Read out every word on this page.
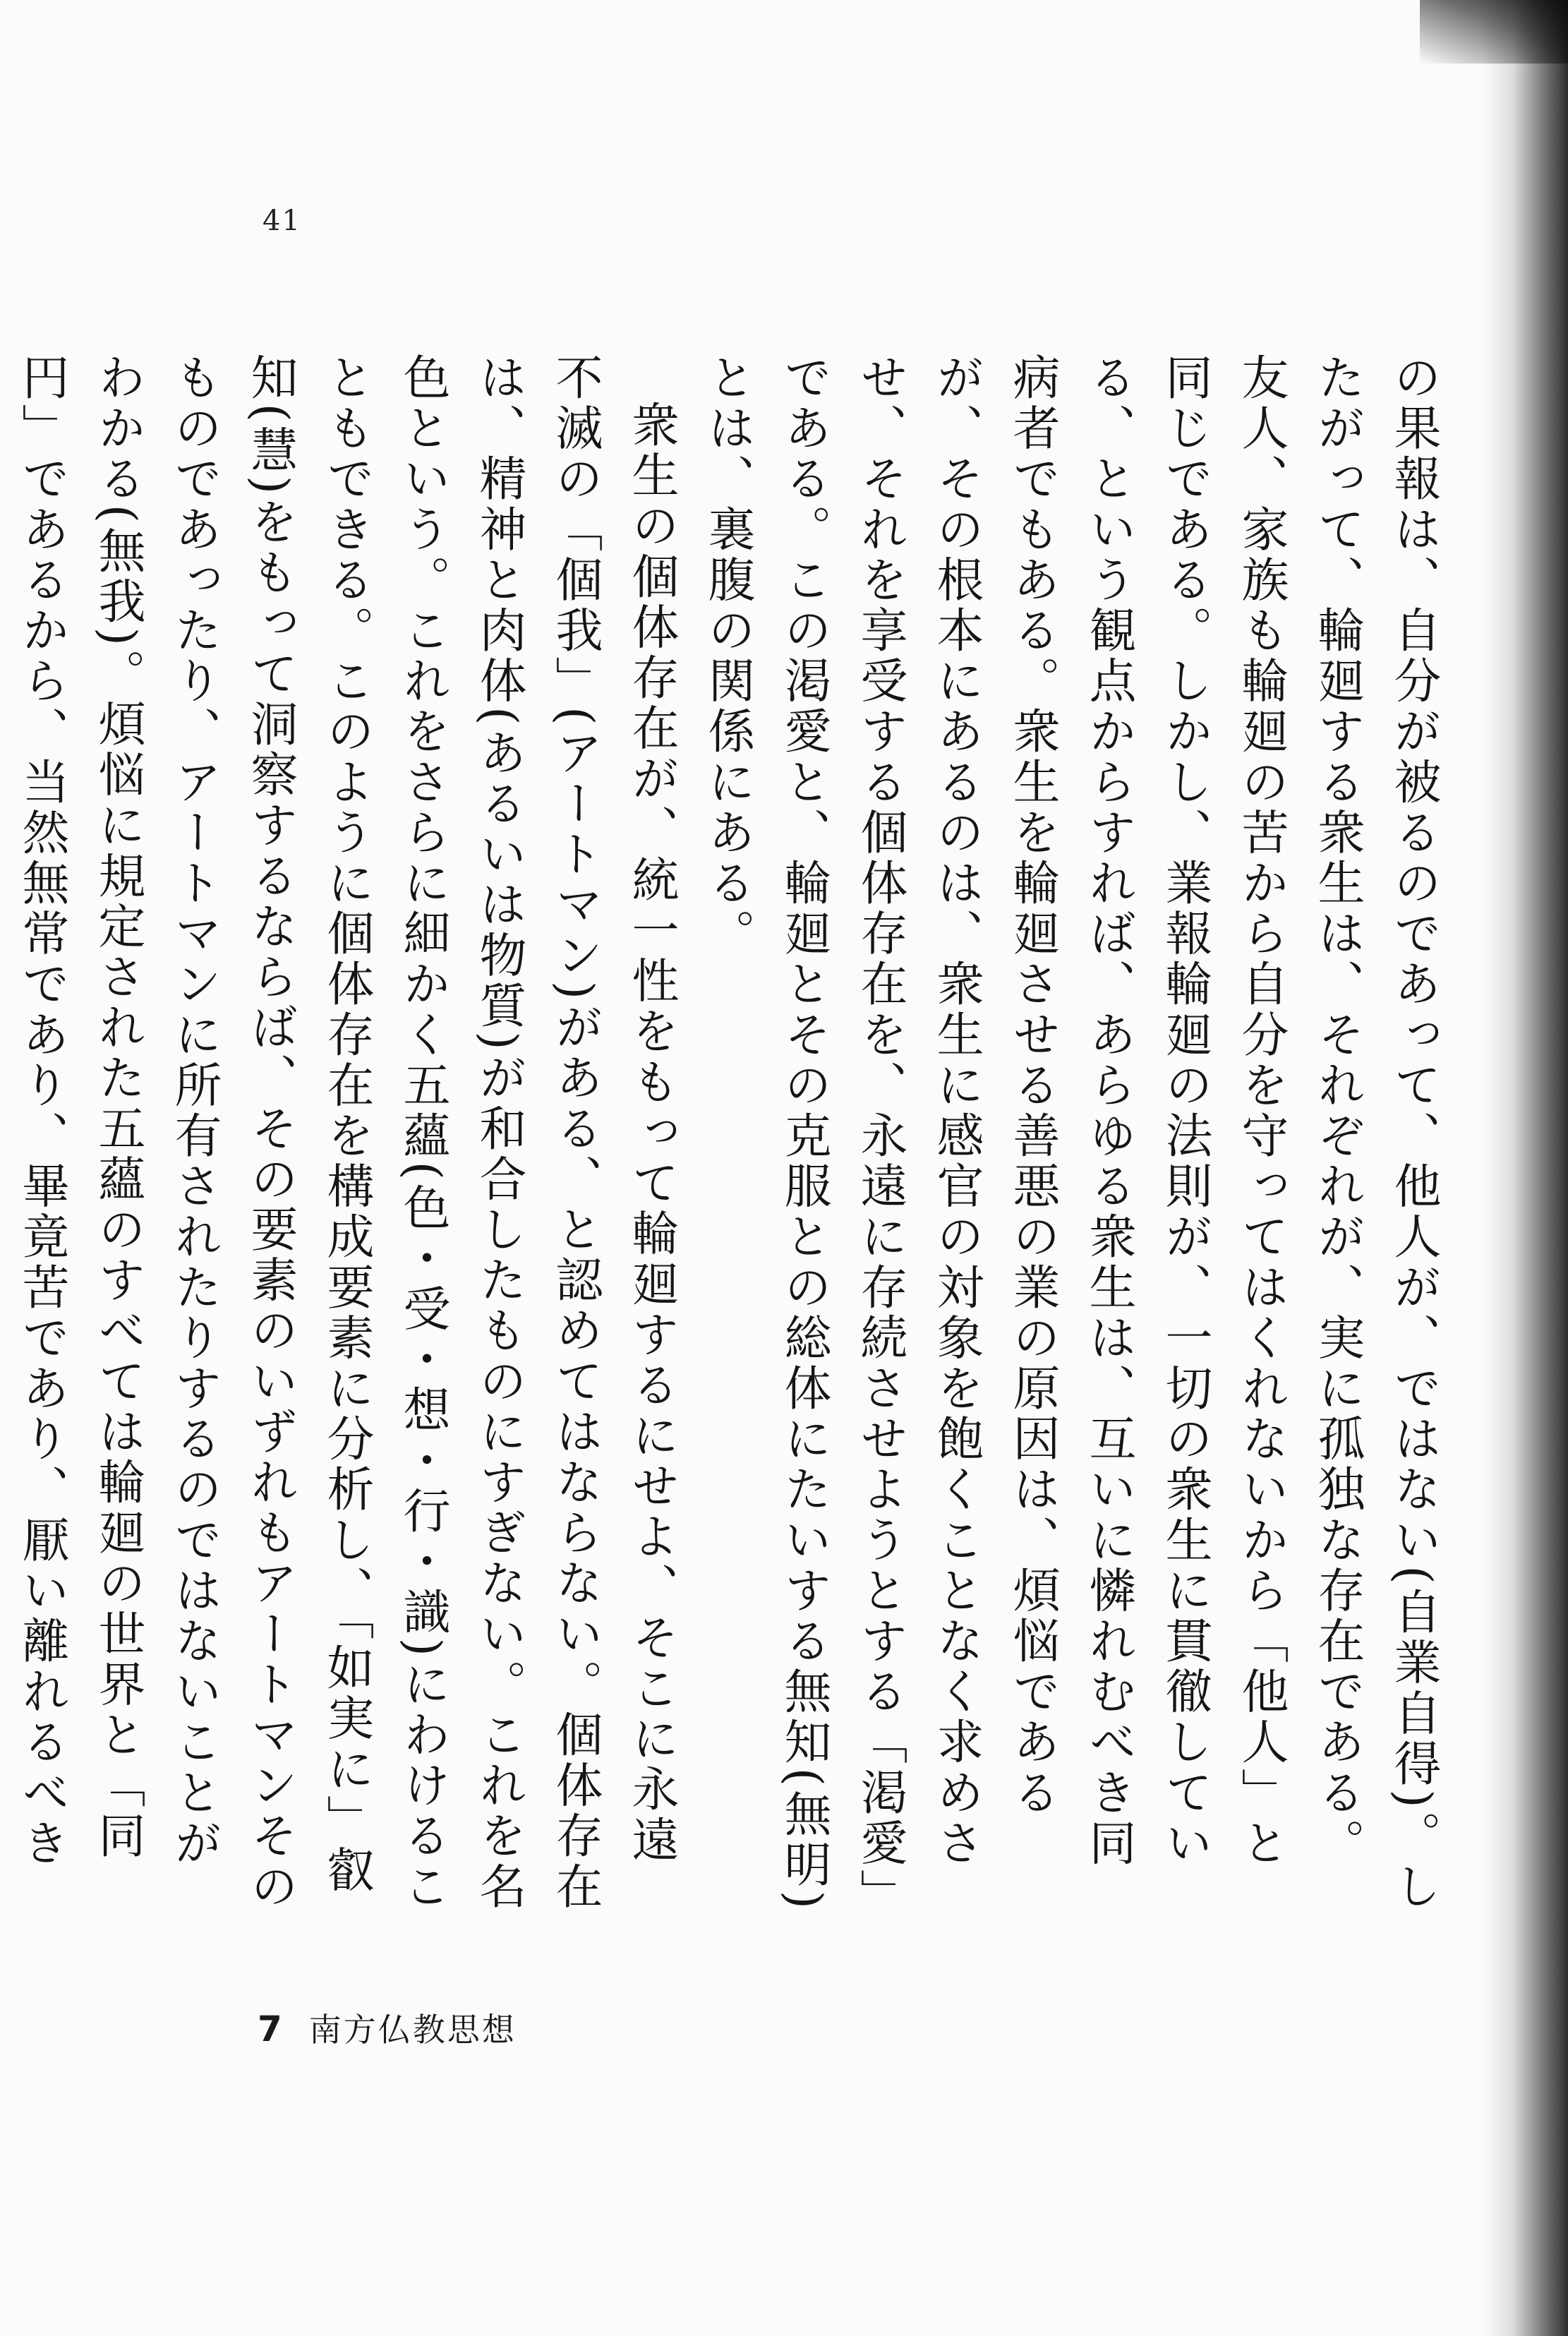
41

の果報は、自分が被るのであって、他人が、ではない(自業自得)。したがって、輪廻する衆生は、それぞれが、実に孤独な存在である。友人、家族も輪廻の苦から自分を守ってはくれないから「他人」と同じである。しかし、業報輪廻の法則が、一切の衆生に貫徹している、という観点からすれば、あらゆる衆生は、互いに憐れむべき同病者でもある。衆生を輪廻させる善悪の業の原因は、煩悩であるが、その根本にあるのは、衆生に感官の対象を飽くことなく求めさせ、それを享受する個体存在を、永遠に存続させようとする「渇愛」である。この渇愛と、輪廻とその克服との総体にたいする無知(無明)とは、裏腹の関係にある。

衆生の個体存在が、統一性をもって輪廻するにせよ、そこに永遠不滅の「個我」(アートマン)がある、と認めてはならない。個体存在は、精神と肉体(あるいは物質)が和合したものにすぎない。これを名色という。これをさらに細かく五蘊(色・受・想・行・識)にわけることもできる。このように個体存在を構成要素に分析し、「如実に」叡知(慧)をもって洞察するならば、その要素のいずれもアートマンそのものであったり、アートマンに所有されたりするのではないことがわかる(無我)。煩悩に規定された五蘊のすべては輪廻の世界と「同円」であるから、当然無常であり、畢竟苦であり、厭い離れるべき

7 南方仏教思想
